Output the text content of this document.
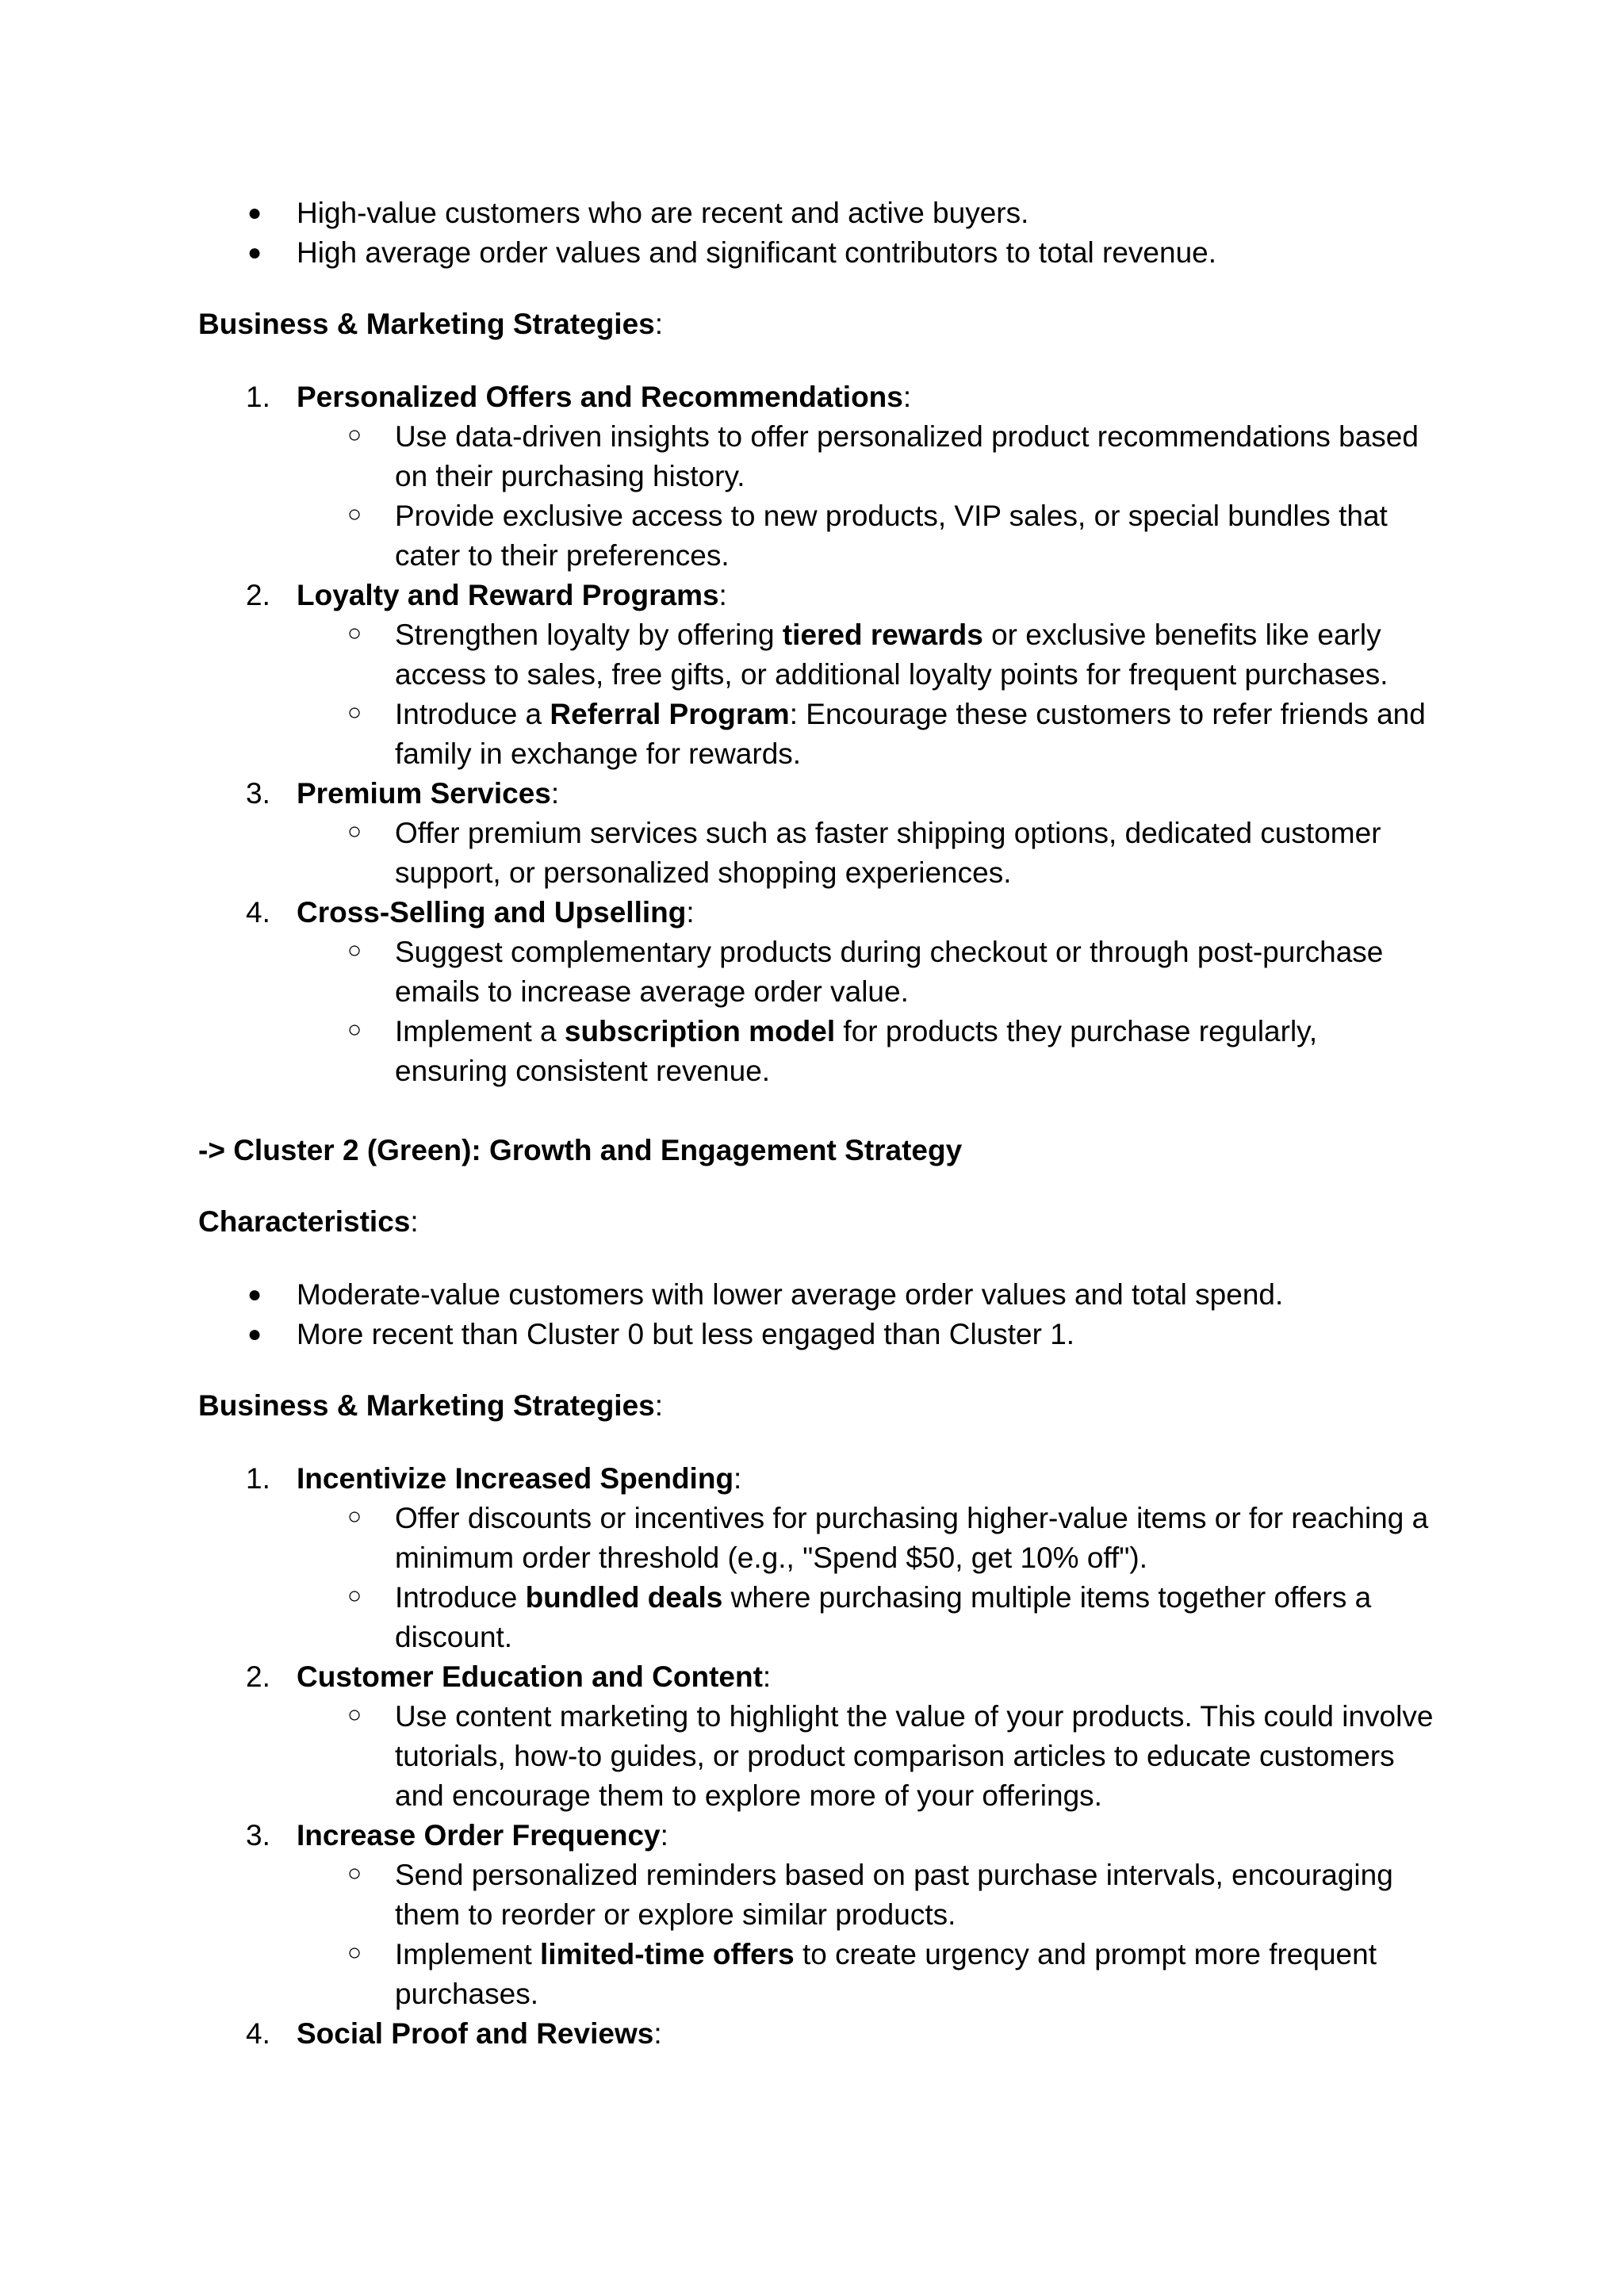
● High-value customers who are recent and active buyers.
● High average order values and significant contributors to total revenue.

Business & Marketing Strategies:

1. Personalized Offers and Recommendations:
○ Use data-driven insights to offer personalized product recommendations based on their purchasing history.
○ Provide exclusive access to new products, VIP sales, or special bundles that cater to their preferences.
2. Loyalty and Reward Programs:
○ Strengthen loyalty by offering tiered rewards or exclusive benefits like early access to sales, free gifts, or additional loyalty points for frequent purchases.
○ Introduce a Referral Program: Encourage these customers to refer friends and family in exchange for rewards.
3. Premium Services:
○ Offer premium services such as faster shipping options, dedicated customer support, or personalized shopping experiences.
4. Cross-Selling and Upselling:
○ Suggest complementary products during checkout or through post-purchase emails to increase average order value.
○ Implement a subscription model for products they purchase regularly, ensuring consistent revenue.

-> Cluster 2 (Green): Growth and Engagement Strategy

Characteristics:

● Moderate-value customers with lower average order values and total spend.
● More recent than Cluster 0 but less engaged than Cluster 1.

Business & Marketing Strategies:

1. Incentivize Increased Spending:
○ Offer discounts or incentives for purchasing higher-value items or for reaching a minimum order threshold (e.g., "Spend $50, get 10% off").
○ Introduce bundled deals where purchasing multiple items together offers a discount.
2. Customer Education and Content:
○ Use content marketing to highlight the value of your products. This could involve tutorials, how-to guides, or product comparison articles to educate customers and encourage them to explore more of your offerings.
3. Increase Order Frequency:
○ Send personalized reminders based on past purchase intervals, encouraging them to reorder or explore similar products.
○ Implement limited-time offers to create urgency and prompt more frequent purchases.
4. Social Proof and Reviews:
